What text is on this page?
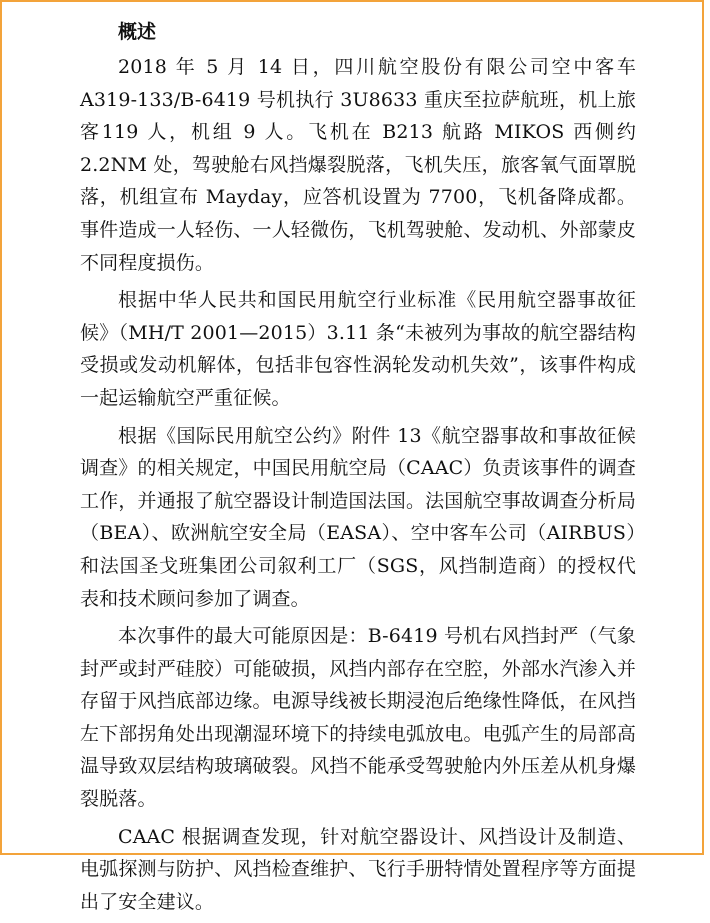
概述

2018 年 5 月 14 日，四川航空股份有限公司空中客车A319-133/B-6419 号机执行 3U8633 重庆至拉萨航班，机上旅客119 人，机组 9 人。飞机在 B213 航路 MIKOS 西侧约 2.2NM 处，驾驶舱右风挡爆裂脱落，飞机失压，旅客氧气面罩脱落，机组宣布 Mayday，应答机设置为 7700，飞机备降成都。事件造成一人轻伤、一人轻微伤，飞机驾驶舱、发动机、外部蒙皮不同程度损伤。

根据中华人民共和国民用航空行业标准《民用航空器事故征候》（MH/T 2001—2015）3.11 条“未被列为事故的航空器结构受损或发动机解体，包括非包容性涡轮发动机失效”，该事件构成一起运输航空严重征候。

根据《国际民用航空公约》附件 13《航空器事故和事故征候调查》的相关规定，中国民用航空局（CAAC）负责该事件的调查工作，并通报了航空器设计制造国法国。法国航空事故调查分析局（BEA）、欧洲航空安全局（EASA）、空中客车公司（AIRBUS）和法国圣戈班集团公司叙利工厂（SGS，风挡制造商）的授权代表和技术顾问参加了调查。

本次事件的最大可能原因是：B-6419 号机右风挡封严（气象封严或封严硅胶）可能破损，风挡内部存在空腔，外部水汽渗入并存留于风挡底部边缘。电源导线被长期浸泡后绝缘性降低，在风挡左下部拐角处出现潮湿环境下的持续电弧放电。电弧产生的局部高温导致双层结构玻璃破裂。风挡不能承受驾驶舱内外压差从机身爆裂脱落。

CAAC 根据调查发现，针对航空器设计、风挡设计及制造、电弧探测与防护、风挡检查维护、飞行手册特情处置程序等方面提出了安全建议。
